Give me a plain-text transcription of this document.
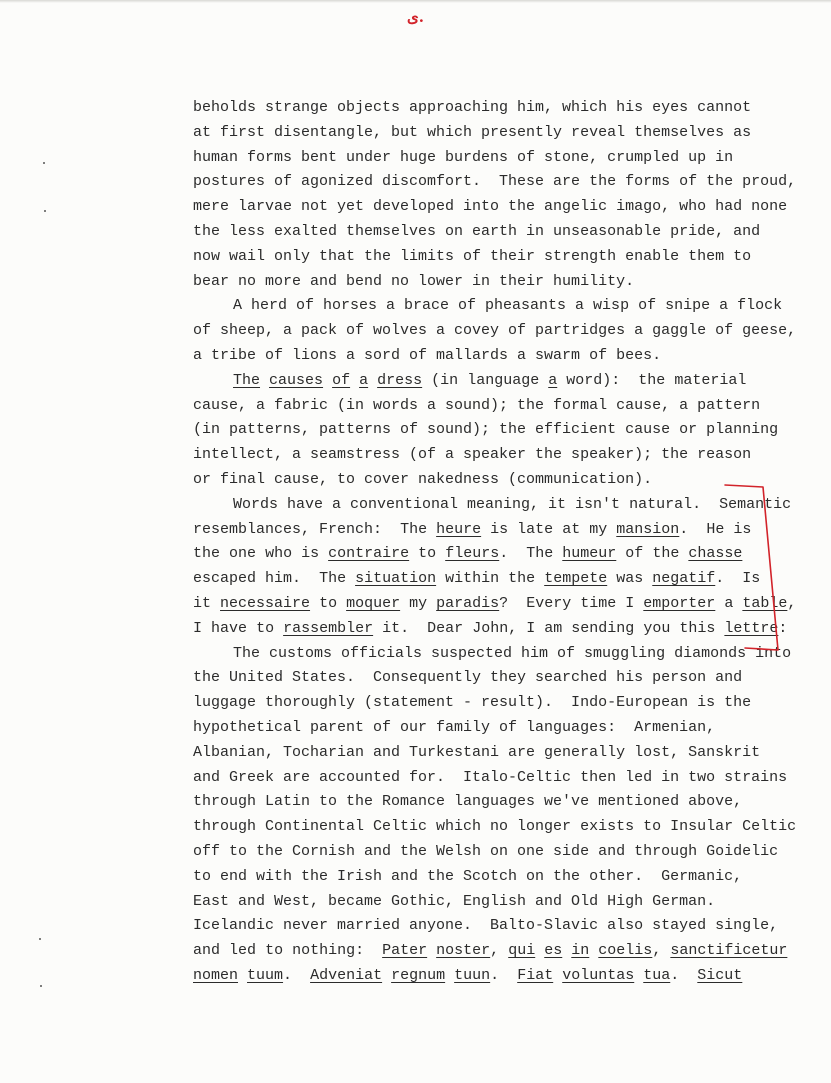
ی.
beholds strange objects approaching him, which his eyes cannot
at first disentangle, but which presently reveal themselves as
human forms bent under huge burdens of stone, crumpled up in
postures of agonized discomfort.  These are the forms of the proud,
mere larvae not yet developed into the angelic imago, who had none
the less exalted themselves on earth in unseasonable pride, and
now wail only that the limits of their strength enable them to
bear no more and bend no lower in their humility.
A herd of horses a brace of pheasants a wisp of snipe a flock
of sheep, a pack of wolves a covey of partridges a gaggle of geese,
a tribe of lions a sord of mallards a swarm of bees.
The causes of a dress (in language a word): the material
cause, a fabric (in words a sound); the formal cause, a pattern
(in patterns, patterns of sound); the efficient cause or planning
intellect, a seamstress (of a speaker the speaker); the reason
or final cause, to cover nakedness (communication).
Words have a conventional meaning, it isn't natural.  Semantic
resemblances, French: The heure is late at my mansion. He is
the one who is contraire to fleurs. The humeur of the chasse
escaped him. The situation within the tempete was negatif. Is
it necessaire to moquer my paradis? Every time I emporter a table,
I have to rassembler it. Dear John, I am sending you this lettre:
The customs officials suspected him of smuggling diamonds into
the United States.  Consequently they searched his person and
luggage thoroughly (statement - result).  Indo-European is the
hypothetical parent of our family of languages:  Armenian,
Albanian, Tocharian and Turkestani are generally lost, Sanskrit
and Greek are accounted for.  Italo-Celtic then led in two strains
through Latin to the Romance languages we've mentioned above,
through Continental Celtic which no longer exists to Insular Celtic
off to the Cornish and the Welsh on one side and through Goidelic
to end with the Irish and the Scotch on the other.  Germanic,
East and West, became Gothic, English and Old High German.
Icelandic never married anyone.  Balto-Slavic also stayed single,
and led to nothing: Pater noster, qui es in coelis, sanctificetur
nomen tuum. Adveniat regnum tuun. Fiat voluntas tua. Sicut
